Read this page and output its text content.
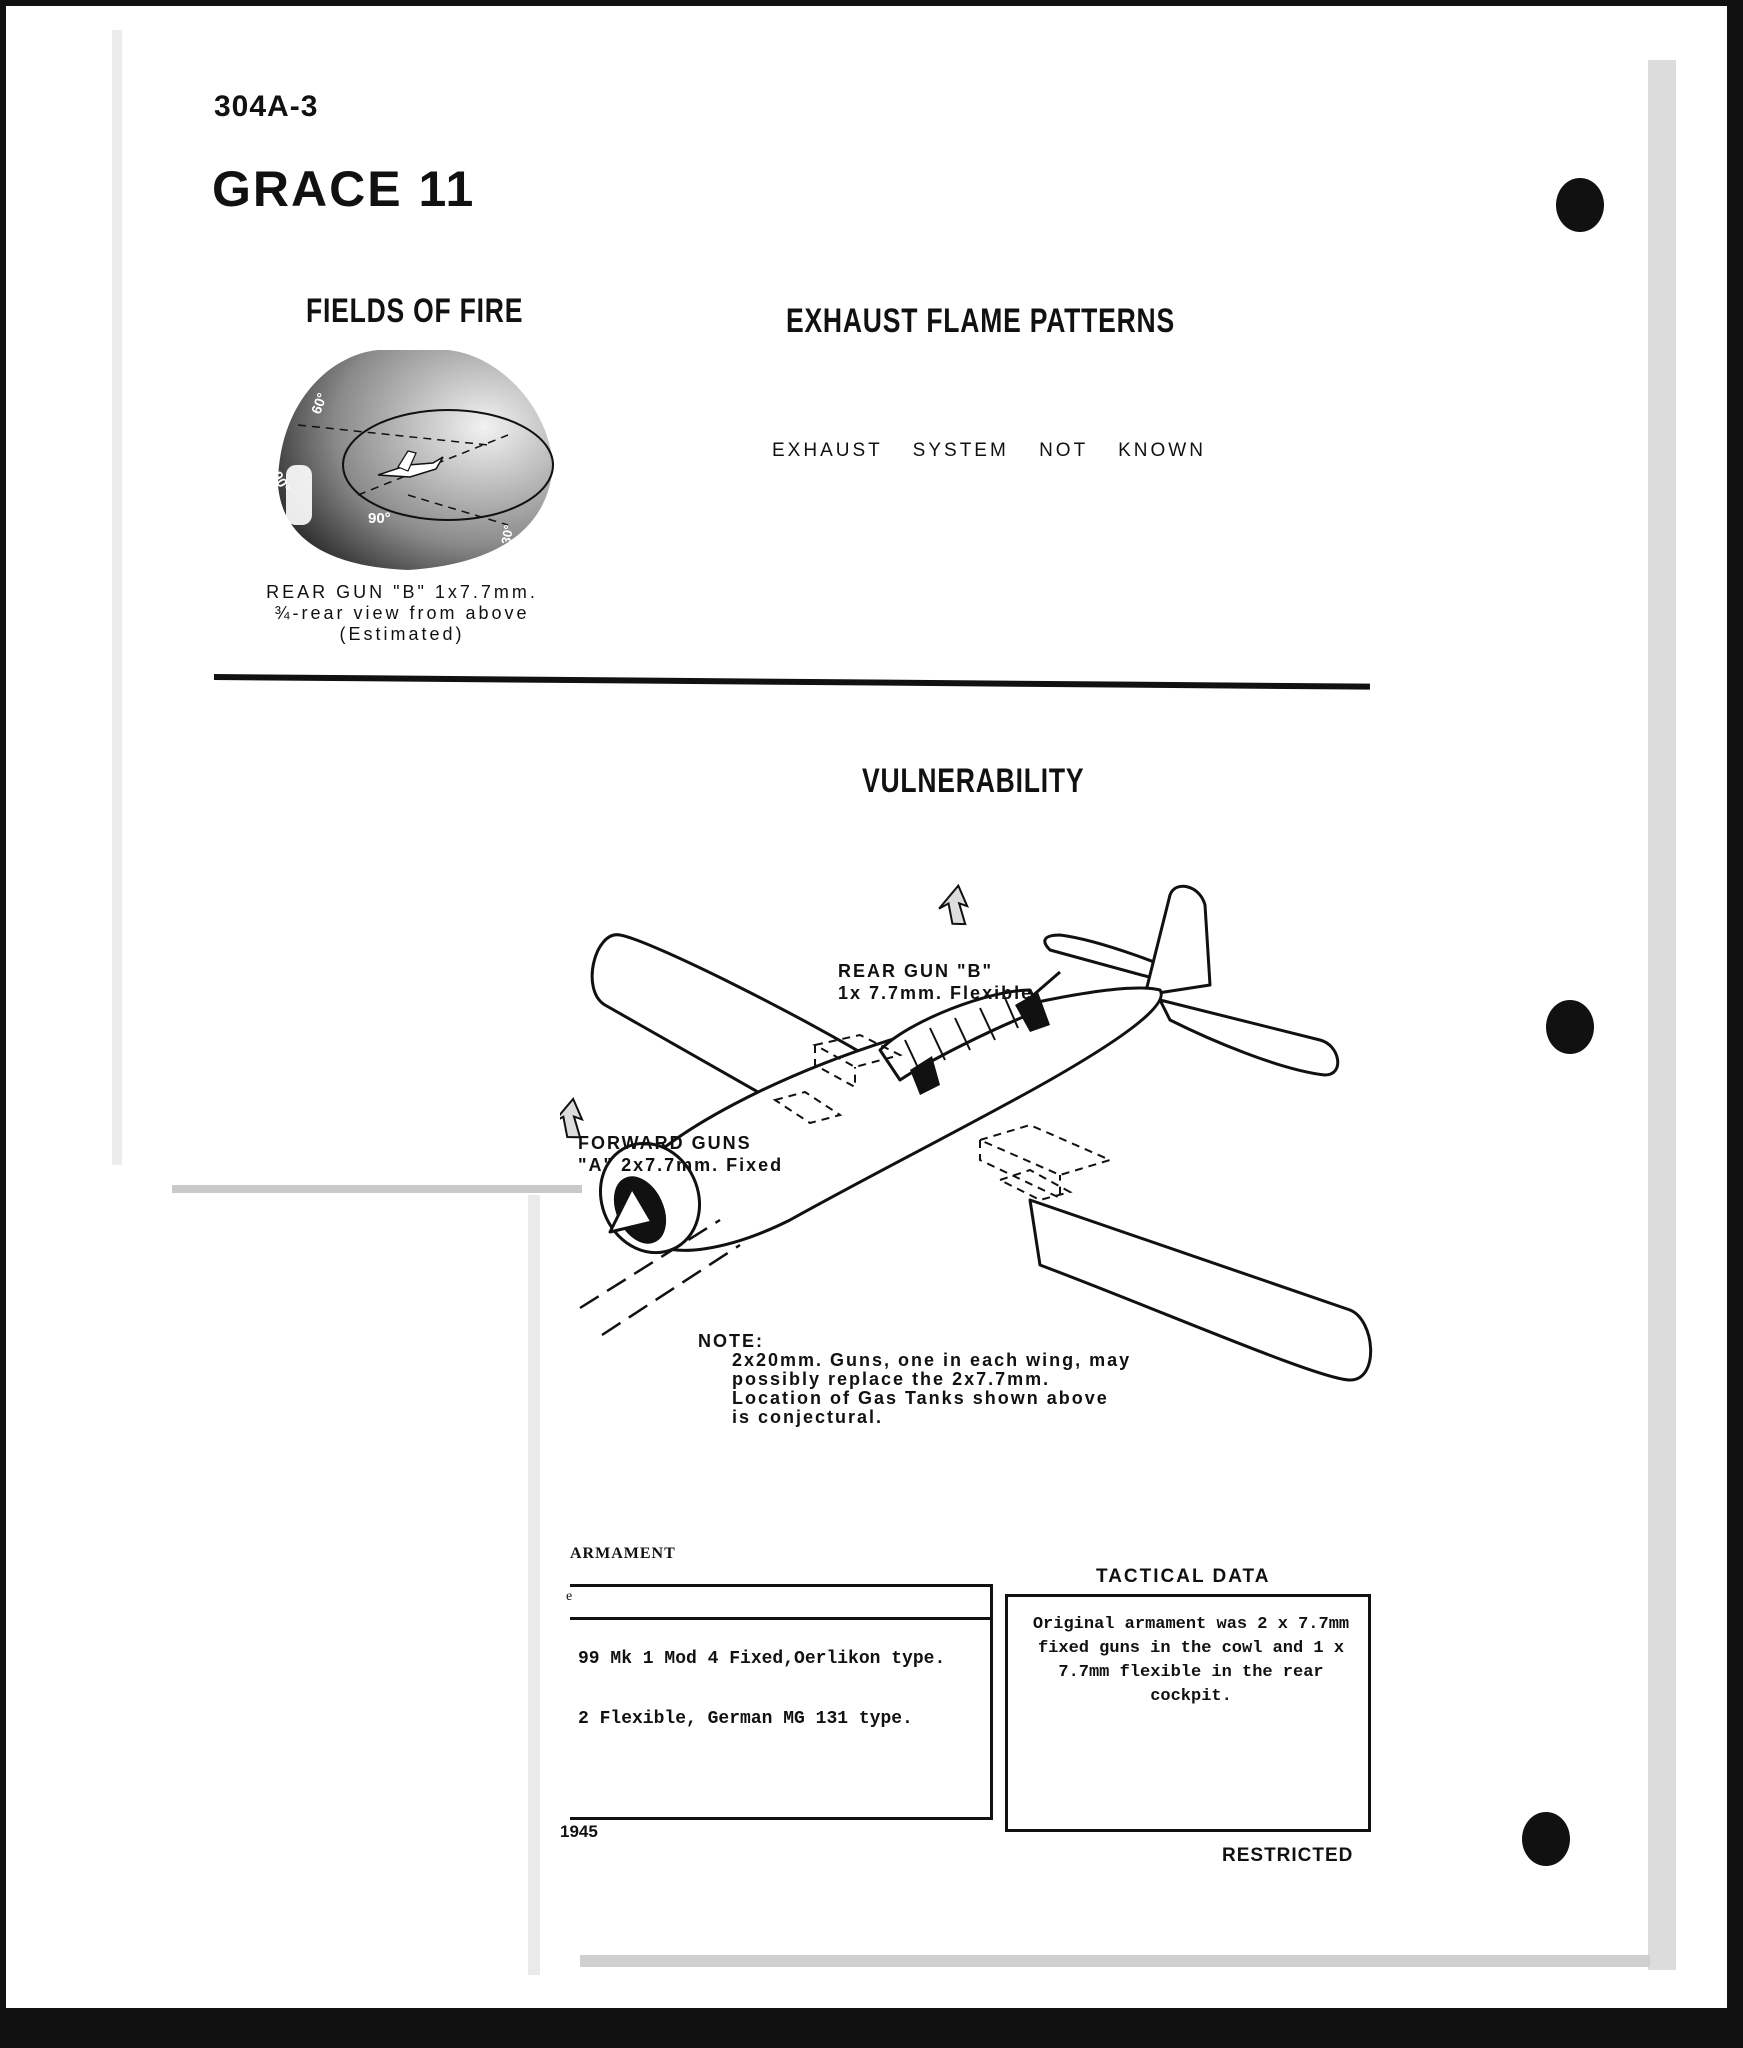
304A-3
GRACE 11
FIELDS OF FIRE
60°
90°
90°
30°
REAR GUN "B" 1x7.7mm.
¾-rear view from above
(Estimated)
EXHAUST FLAME PATTERNS
EXHAUST SYSTEM NOT KNOWN
VULNERABILITY
REAR GUN "B"
1x 7.7mm. Flexible
FORWARD GUNS
"A" 2x7.7mm. Fixed
NOTE:
2x20mm. Guns, one in each wing, may
possibly replace the 2x7.7mm.
Location of Gas Tanks shown above
is conjectural.
ARMAMENT
e
99 Mk 1 Mod 4 Fixed,Oerlikon type.
2 Flexible, German MG 131 type.
TACTICAL DATA
Original armament was 2 x 7.7mm fixed guns in the cowl and 1 x 7.7mm flexible in the rear cockpit.
1945
RESTRICTED
